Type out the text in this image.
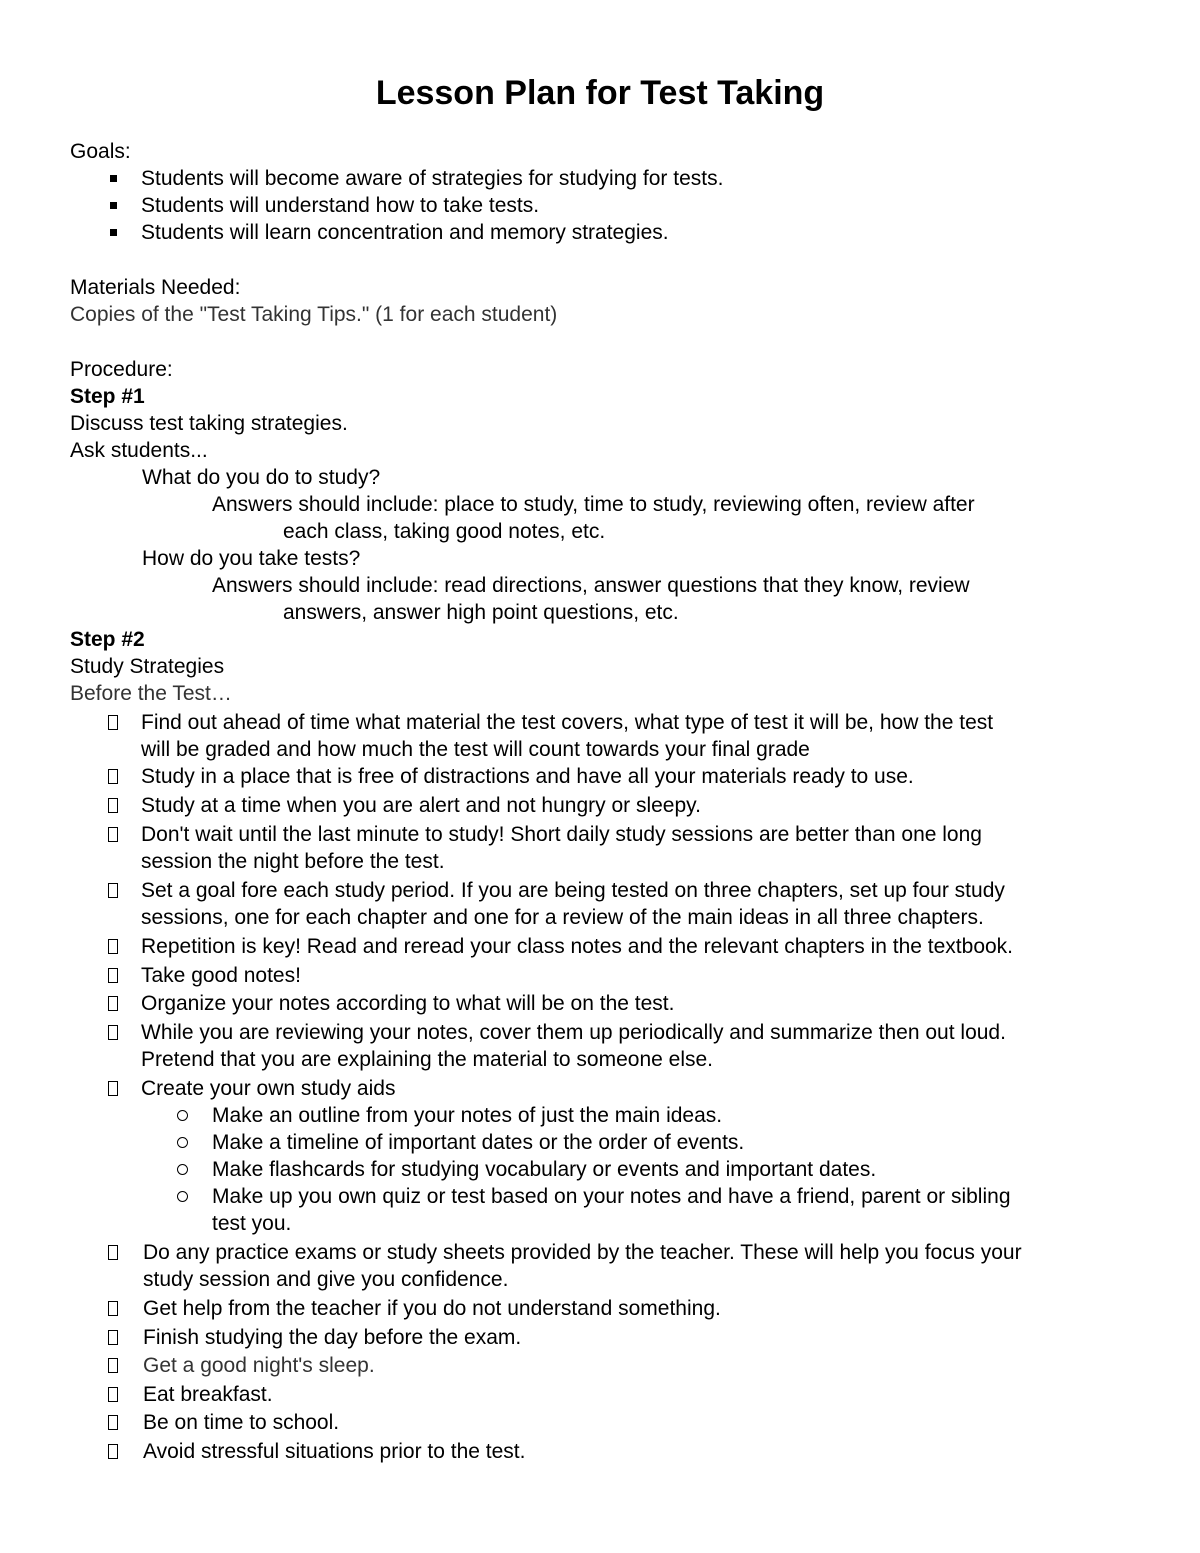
Lesson Plan for Test Taking
Goals:
Students will become aware of strategies for studying for tests.
Students will understand how to take tests.
Students will learn concentration and memory strategies.
Materials Needed:
Copies of the "Test Taking Tips." (1 for each student)
Procedure:
Step #1
Discuss test taking strategies.
Ask students...
What do you do to study?
Answers should include: place to study, time to study, reviewing often, review after
each class, taking good notes, etc.
How do you take tests?
Answers should include: read directions, answer questions that they know, review
answers, answer high point questions, etc.
Step #2
Study Strategies
Before the Test…
Find out ahead of time what material the test covers, what type of test it will be, how the test
will be graded and how much the test will count towards your final grade
Study in a place that is free of distractions and have all your materials ready to use.
Study at a time when you are alert and not hungry or sleepy.
Don't wait until the last minute to study! Short daily study sessions are better than one long
session the night before the test.
Set a goal fore each study period. If you are being tested on three chapters, set up four study
sessions, one for each chapter and one for a review of the main ideas in all three chapters.
Repetition is key! Read and reread your class notes and the relevant chapters in the textbook.
Take good notes!
Organize your notes according to what will be on the test.
While you are reviewing your notes, cover them up periodically and summarize then out loud.
Pretend that you are explaining the material to someone else.
Create your own study aids
Make an outline from your notes of just the main ideas.
Make a timeline of important dates or the order of events.
Make flashcards for studying vocabulary or events and important dates.
Make up you own quiz or test based on your notes and have a friend, parent or sibling
test you.
Do any practice exams or study sheets provided by the teacher. These will help you focus your
study session and give you confidence.
Get help from the teacher if you do not understand something.
Finish studying the day before the exam.
Get a good night's sleep.
Eat breakfast.
Be on time to school.
Avoid stressful situations prior to the test.
